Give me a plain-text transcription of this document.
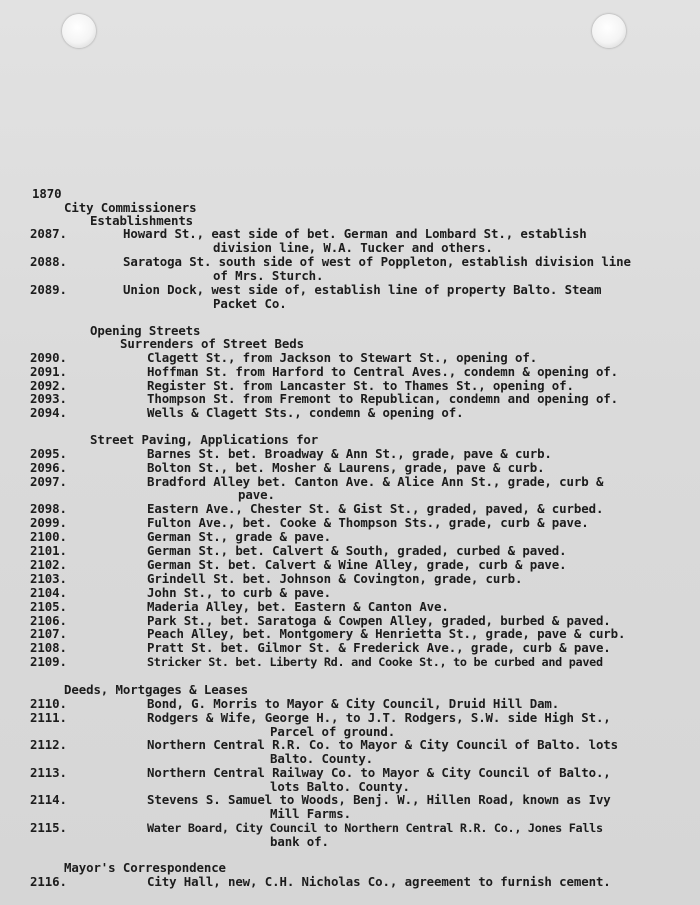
1870
City Commissioners
Establishments
2087.	Howard St., east side of bet. German and Lombard St., establish
division line, W.A. Tucker and others.
2088.	Saratoga St. south side of west of Poppleton, establish division line
of Mrs. Sturch.
2089.	Union Dock, west side of, establish line of property Balto. Steam
Packet Co.
Opening Streets
Surrenders of Street Beds
2090.	Clagett St., from Jackson to Stewart St., opening of.
2091.	Hoffman St. from Harford to Central Aves., condemn & opening of.
2092.	Register St. from Lancaster St. to Thames St., opening of.
2093.	Thompson St. from Fremont to Republican, condemn and opening of.
2094.	Wells & Clagett Sts., condemn & opening of.
Street Paving, Applications for
2095.	Barnes St. bet. Broadway & Ann St., grade, pave & curb.
2096.	Bolton St., bet. Mosher & Laurens, grade, pave & curb.
2097.	Bradford Alley bet. Canton Ave. & Alice Ann St., grade, curb &
pave.
2098.	Eastern Ave., Chester St. & Gist St., graded, paved, & curbed.
2099.	Fulton Ave., bet. Cooke & Thompson Sts., grade, curb & pave.
2100.	German St., grade & pave.
2101.	German St., bet. Calvert & South, graded, curbed & paved.
2102.	German St. bet. Calvert & Wine Alley, grade, curb & pave.
2103.	Grindell St. bet. Johnson & Covington, grade, curb.
2104.	John St., to curb & pave.
2105.	Maderia Alley, bet. Eastern & Canton Ave.
2106.	Park St., bet. Saratoga & Cowpen Alley, graded, burbed & paved.
2107.	Peach Alley, bet. Montgomery & Henrietta St., grade, pave & curb.
2108.	Pratt St. bet. Gilmor St. & Frederick Ave., grade, curb & pave.
2109.	Stricker St. bet. Liberty Rd. and Cooke St., to be curbed and paved
Deeds, Mortgages & Leases
2110.	Bond, G. Morris to Mayor & City Council, Druid Hill Dam.
2111.	Rodgers & Wife, George H., to J.T. Rodgers, S.W. side High St.,
Parcel of ground.
2112.	Northern Central R.R. Co. to Mayor & City Council of Balto. lots
Balto. County.
2113.	Northern Central Railway Co. to Mayor & City Council of Balto.,
lots Balto. County.
2114.	Stevens S. Samuel to Woods, Benj. W., Hillen Road, known as Ivy
Mill Farms.
2115.	Water Board, City Council to Northern Central R.R. Co., Jones Falls
bank of.
Mayor's Correspondence
2116.	City Hall, new, C.H. Nicholas Co., agreement to furnish cement.
